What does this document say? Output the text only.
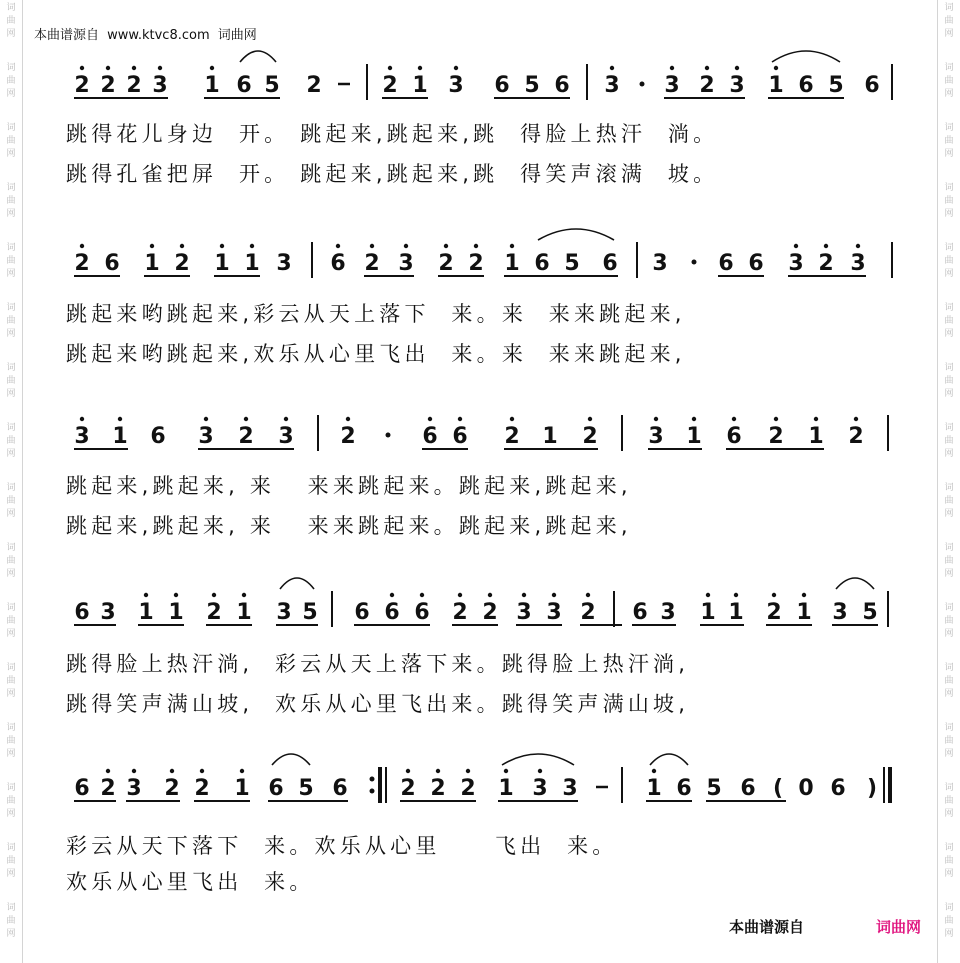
词
曲
网
词
曲
网
词
曲
网
词
曲
网
词
曲
网
词
曲
网
词
曲
网
词
曲
网
词
曲
网
词
曲
网
词
曲
网
词
曲
网
词
曲
网
词
曲
网
词
曲
网
词
曲
网
词
曲
网
词
曲
网
词
曲
网
词
曲
网
词
曲
网
词
曲
网
词
曲
网
词
曲
网
词
曲
网
词
曲
网
词
曲
网
词
曲
网
词
曲
网
词
曲
网
词
曲
网
词
曲
网
本曲谱源自 www.ktvc8.com 词曲网
2 2 2 3 1 6 5 2	2 1 3 6 5 6 3 3 2 3 1 6 5 6
2 6 1 2 1 1 3 6 2 3 2 2 1 6 5 6 3 6 6 3 2 3
3 1 6 3 2 3 2	6 6 2 1 2 3 1 6 2 1 2
6 3 1 1 2 1 3 5 6 6 6 2 2 3 3 2 6 3 1 1 2 1 3 5
6 2 3 2 2 1 6 5 6 2 2 2 1 3 3	1 6 5 6 ( 0 6 )
跳得花儿身边  开。 跳起来,跳起来,跳  得脸上热汗  淌。
跳得孔雀把屏  开。 跳起来,跳起来,跳  得笑声滚满  坡。
跳起来哟跳起来,彩云从天上落下  来。来  来来跳起来,
跳起来哟跳起来,欢乐从心里飞出  来。来  来来跳起来,
跳起来,跳起来, 来   来来跳起来。跳起来,跳起来,
跳起来,跳起来, 来   来来跳起来。跳起来,跳起来,
跳得脸上热汗淌,  彩云从天上落下来。跳得脸上热汗淌,
跳得笑声满山坡,  欢乐从心里飞出来。跳得笑声满山坡,
彩云从天下落下  来。欢乐从心里     飞出  来。
欢乐从心里飞出  来。
本曲谱源自	词曲网
